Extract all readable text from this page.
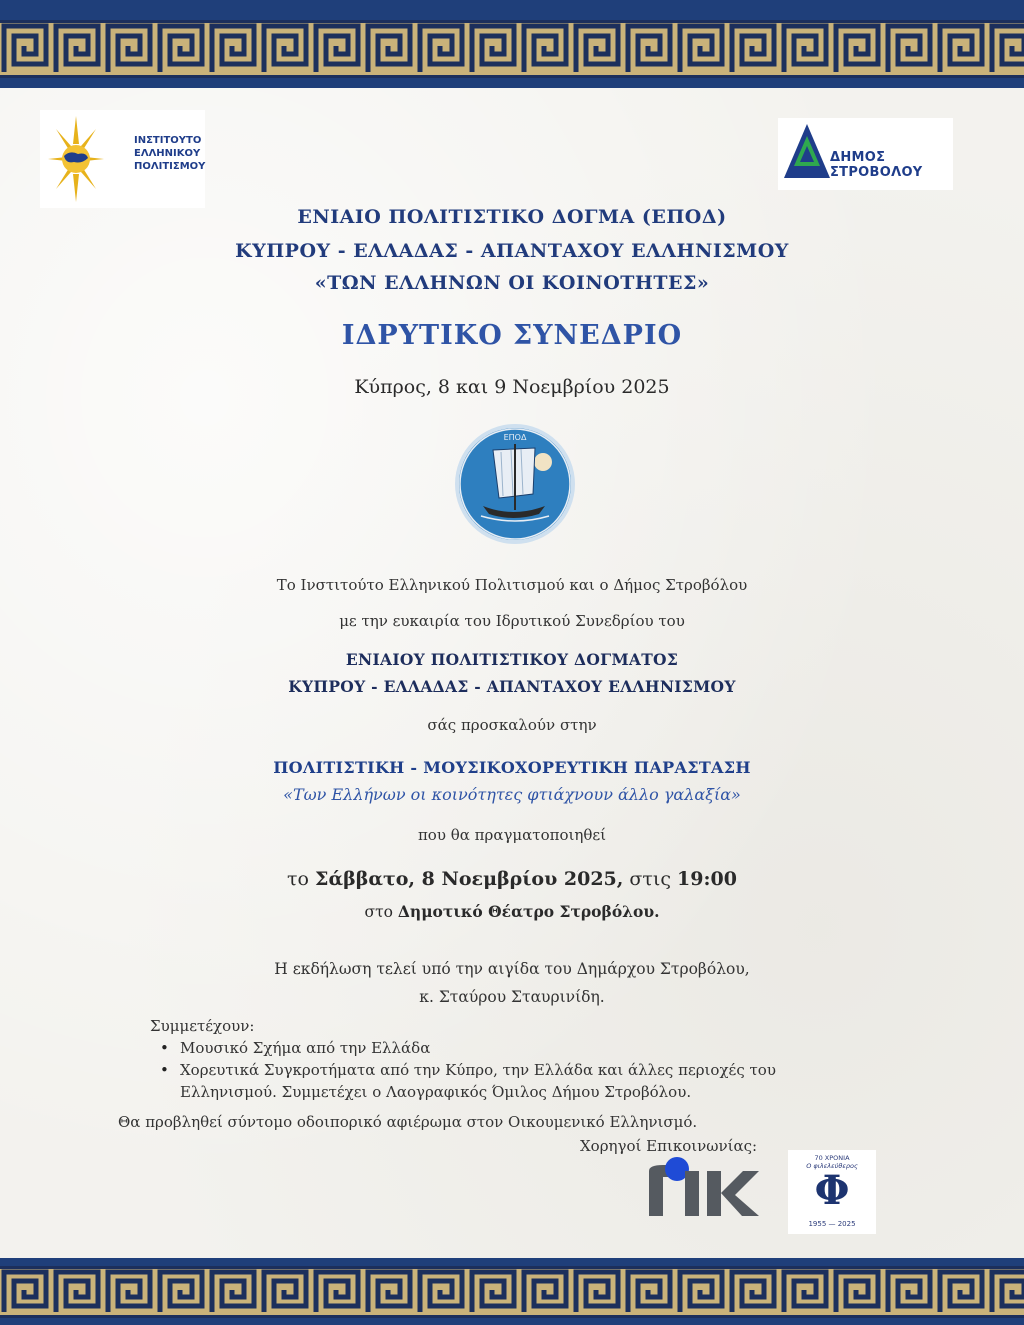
ΙΝΣΤΙΤΟΥΤΟ
ΕΛΛΗΝΙΚΟΥ
ΠΟΛΙΤΙΣΜΟΥ
ΔΗΜΟΣ
ΣΤΡΟΒΟΛΟΥ
ΕΝΙΑΙΟ ΠΟΛΙΤΙΣΤΙΚΟ ΔΟΓΜΑ (ΕΠΟΔ)
ΚΥΠΡΟΥ - ΕΛΛΑΔΑΣ - ΑΠΑΝΤΑΧΟΥ ΕΛΛΗΝΙΣΜΟΥ
«ΤΩΝ ΕΛΛΗΝΩΝ ΟΙ ΚΟΙΝΟΤΗΤΕΣ»
ΙΔΡΥΤΙΚΟ ΣΥΝΕΔΡΙΟ
Κύπρος, 8 και 9 Νοεμβρίου 2025
ΕΠΟΔ
Το Ινστιτούτο Ελληνικού Πολιτισμού και ο Δήμος Στροβόλου
με την ευκαιρία του Ιδρυτικού Συνεδρίου του
ΕΝΙΑΙΟΥ ΠΟΛΙΤΙΣΤΙΚΟΥ ΔΟΓΜΑΤΟΣ
ΚΥΠΡΟΥ - ΕΛΛΑΔΑΣ - ΑΠΑΝΤΑΧΟΥ ΕΛΛΗΝΙΣΜΟΥ
σάς προσκαλούν στην
ΠΟΛΙΤΙΣΤΙΚΗ - ΜΟΥΣΙΚΟΧΟΡΕΥΤΙΚΗ ΠΑΡΑΣΤΑΣΗ
«Των Ελλήνων οι κοινότητες φτιάχνουν άλλο γαλαξία»
που θα πραγματοποιηθεί
το Σάββατο, 8 Νοεμβρίου 2025, στις 19:00
στο Δημοτικό Θέατρο Στροβόλου.
Η εκδήλωση τελεί υπό την αιγίδα του Δημάρχου Στροβόλου,
κ. Σταύρου Σταυρινίδη.
Συμμετέχουν:
• Μουσικό Σχήμα από την Ελλάδα
• Χορευτικά Συγκροτήματα από την Κύπρο, την Ελλάδα και άλλες περιοχές του Ελληνισμού. Συμμετέχει ο Λαογραφικός Όμιλος Δήμου Στροβόλου.
Θα προβληθεί σύντομο οδοιπορικό αφιέρωμα στον Οικουμενικό Ελληνισμό.
Χορηγοί Επικοινωνίας:
70 ΧΡΟΝΙΑ
Ο φιλελεύθερος
Φ
1955 — 2025
